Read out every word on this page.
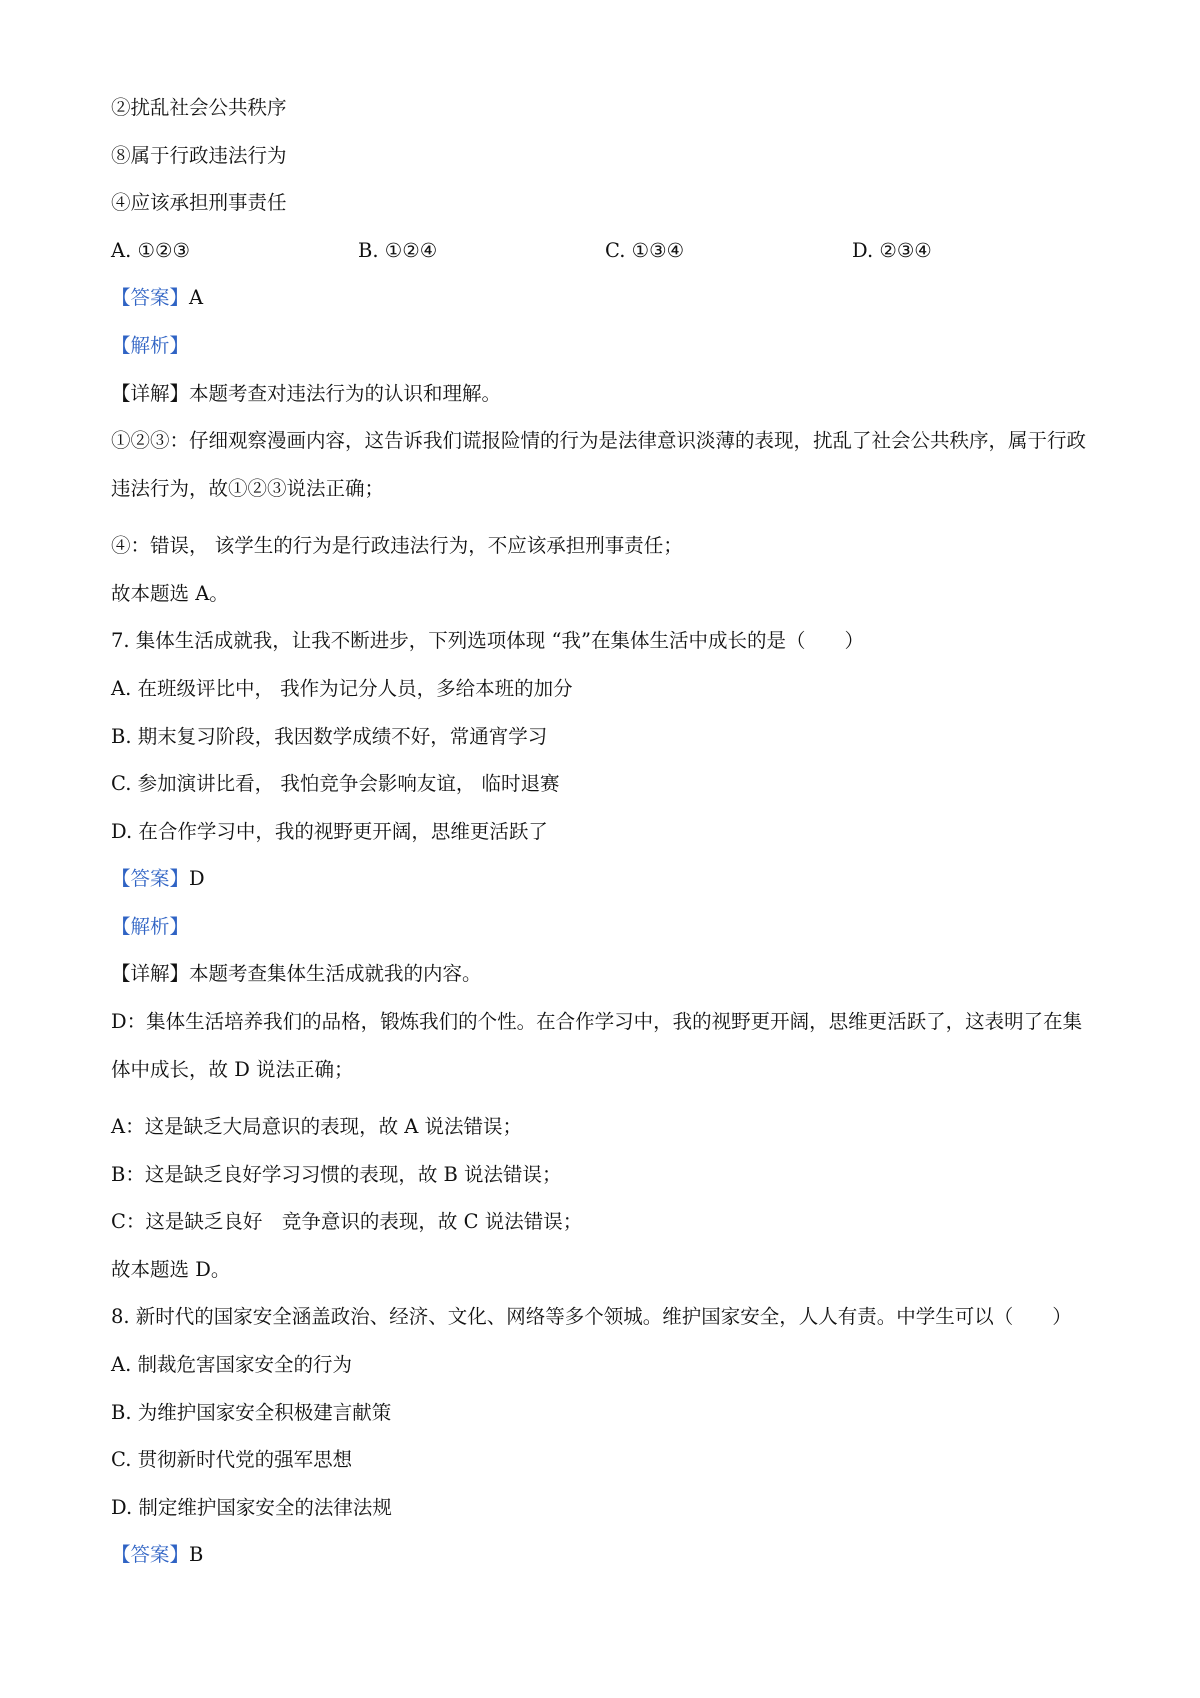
②扰乱社会公共秩序
⑧属于行政违法行为
④应该承担刑事责任
A. ①②③	B. ①②④	C. ①③④	D. ②③④
【答案】A
【解析】
【详解】本题考查对违法行为的认识和理解。
①②③：仔细观察漫画内容，这告诉我们谎报险情的行为是法律意识淡薄的表现，扰乱了社会公共秩序，属于行政违法行为，故①②③说法正确；
④：错误， 该学生的行为是行政违法行为，不应该承担刑事责任；
故本题选 A。
7. 集体生活成就我，让我不断进步，下列选项体现 “我”在集体生活中成长的是（　　）
A. 在班级评比中， 我作为记分人员，多给本班的加分
B. 期末复习阶段，我因数学成绩不好，常通宵学习
C. 参加演讲比看， 我怕竞争会影响友谊， 临时退赛
D. 在合作学习中，我的视野更开阔，思维更活跃了
【答案】D
【解析】
【详解】本题考查集体生活成就我的内容。
D：集体生活培养我们的品格，锻炼我们的个性。在合作学习中，我的视野更开阔，思维更活跃了，这表明了在集体中成长，故 D 说法正确；
A：这是缺乏大局意识的表现，故 A 说法错误；
B：这是缺乏良好学习习惯的表现，故 B 说法错误；
C：这是缺乏良好　竞争意识的表现，故 C 说法错误；
故本题选 D。
8. 新时代的国家安全涵盖政治、经济、文化、网络等多个领城。维护国家安全，人人有责。中学生可以（　　）
A. 制裁危害国家安全的行为
B. 为维护国家安全积极建言献策
C. 贯彻新时代党的强军思想
D. 制定维护国家安全的法律法规
【答案】B
